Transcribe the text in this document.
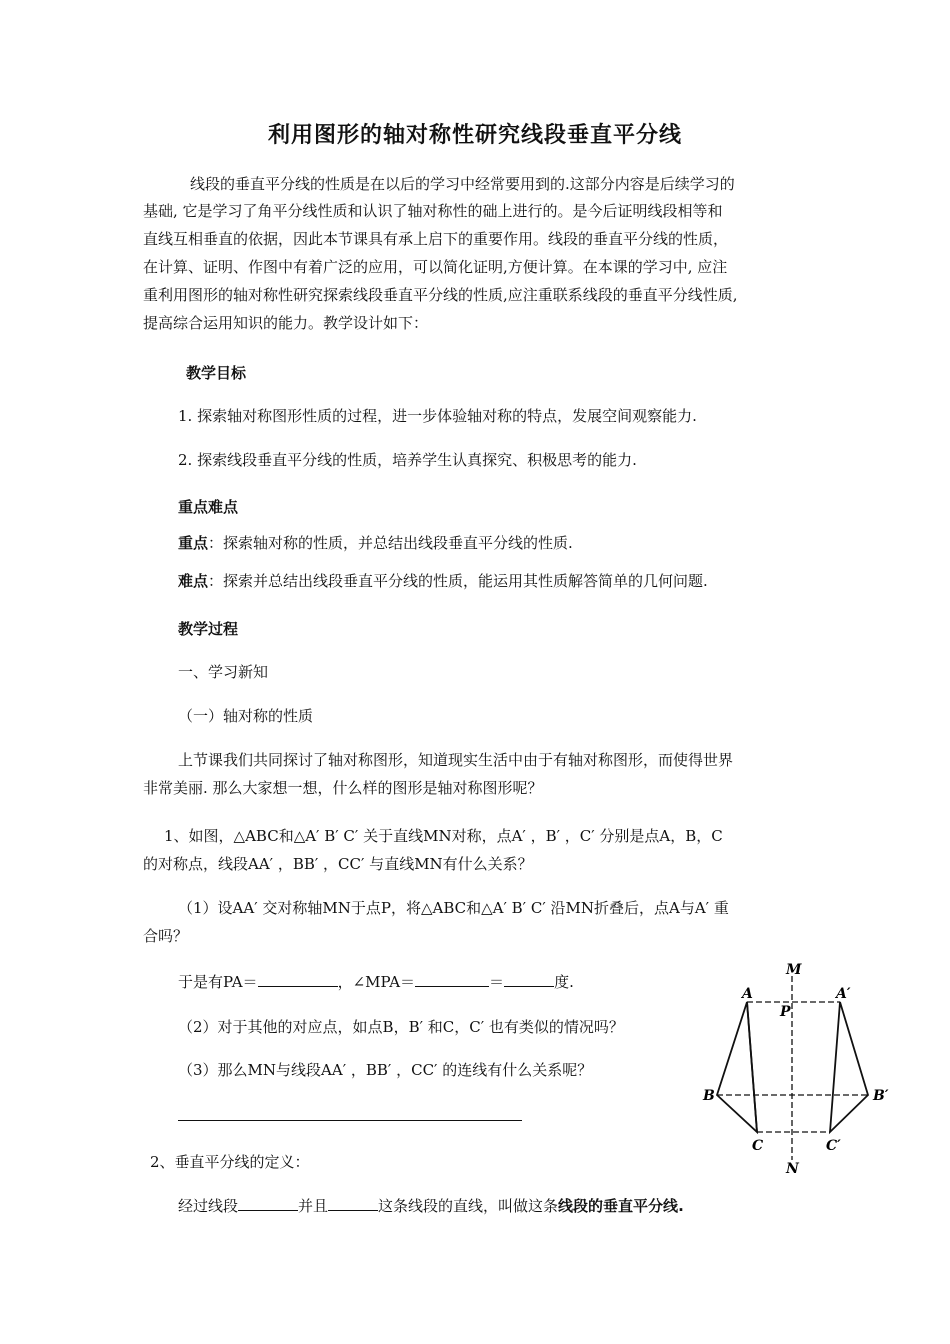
利用图形的轴对称性研究线段垂直平分线
线段的垂直平分线的性质是在以后的学习中经常要用到的.这部分内容是后续学习的
基础, 它是学习了角平分线性质和认识了轴对称性的础上进行的。是今后证明线段相等和
直线互相垂直的依据，因此本节课具有承上启下的重要作用。线段的垂直平分线的性质，
在计算、证明、作图中有着广泛的应用，可以简化证明,方便计算。在本课的学习中, 应注
重利用图形的轴对称性研究探索线段垂直平分线的性质,应注重联系线段的垂直平分线性质,
提高综合运用知识的能力。教学设计如下：
教学目标
1. 探索轴对称图形性质的过程，进一步体验轴对称的特点，发展空间观察能力.
2. 探索线段垂直平分线的性质，培养学生认真探究、积极思考的能力.
重点难点
重点：探索轴对称的性质，并总结出线段垂直平分线的性质.
难点：探索并总结出线段垂直平分线的性质，能运用其性质解答简单的几何问题.
教学过程
一、学习新知
（一）轴对称的性质
上节课我们共同探讨了轴对称图形，知道现实生活中由于有轴对称图形，而使得世界
非常美丽. 那么大家想一想，什么样的图形是轴对称图形呢？
1、如图，△ABC和△A′ B′ C′ 关于直线MN对称，点A′ ，B′ ，C′ 分别是点A，B，C
的对称点，线段AA′ ，BB′ ，CC′ 与直线MN有什么关系？
（1）设AA′ 交对称轴MN于点P，将△ABC和△A′ B′ C′ 沿MN折叠后，点A与A′ 重
合吗？
于是有PA＝	，∠MPA＝	＝	度.
（2）对于其他的对应点，如点B，B′ 和C，C′ 也有类似的情况吗？
（3）那么MN与线段AA′ ，BB′ ，CC′ 的连线有什么关系呢？
2、垂直平分线的定义：
经过线段	并且	这条线段的直线，叫做这条线段的垂直平分线.
M
N
P
A	A′
B	B′
C	C′
